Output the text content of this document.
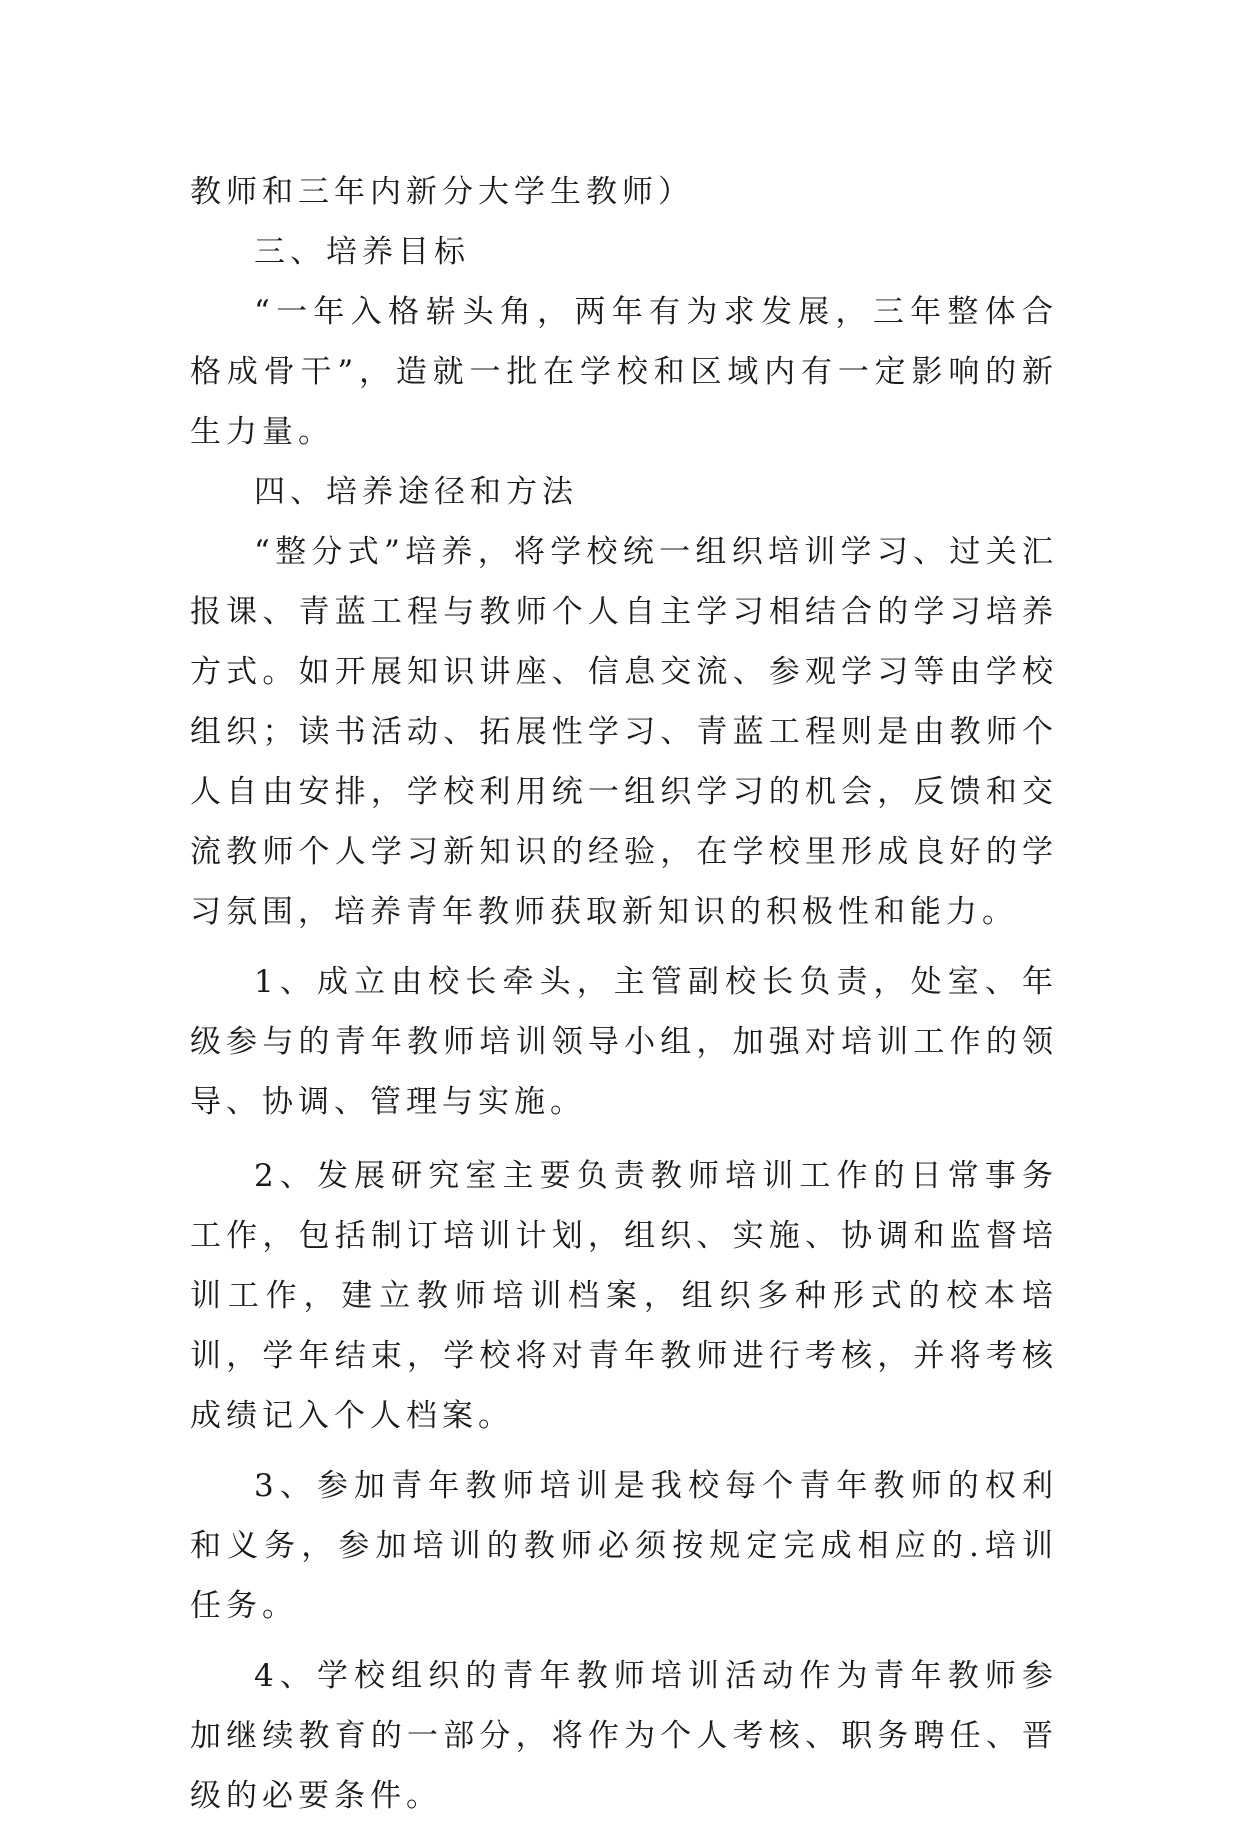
教师和三年内新分大学生教师）

三、培养目标

“一年入格崭头角，两年有为求发展，三年整体合格成骨干”，造就一批在学校和区域内有一定影响的新生力量。

四、培养途径和方法

“整分式”培养，将学校统一组织培训学习、过关汇报课、青蓝工程与教师个人自主学习相结合的学习培养方式。如开展知识讲座、信息交流、参观学习等由学校组织；读书活动、拓展性学习、青蓝工程则是由教师个人自由安排，学校利用统一组织学习的机会，反馈和交流教师个人学习新知识的经验，在学校里形成良好的学习氛围，培养青年教师获取新知识的积极性和能力。

1、成立由校长牵头，主管副校长负责，处室、年级参与的青年教师培训领导小组，加强对培训工作的领导、协调、管理与实施。

2、发展研究室主要负责教师培训工作的日常事务工作，包括制订培训计划，组织、实施、协调和监督培训工作，建立教师培训档案，组织多种形式的校本培训，学年结束，学校将对青年教师进行考核，并将考核成绩记入个人档案。

3、参加青年教师培训是我校每个青年教师的权利和义务，参加培训的教师必须按规定完成相应的.培训任务。

4、学校组织的青年教师培训活动作为青年教师参加继续教育的一部分，将作为个人考核、职务聘任、晋级的必要条件。
